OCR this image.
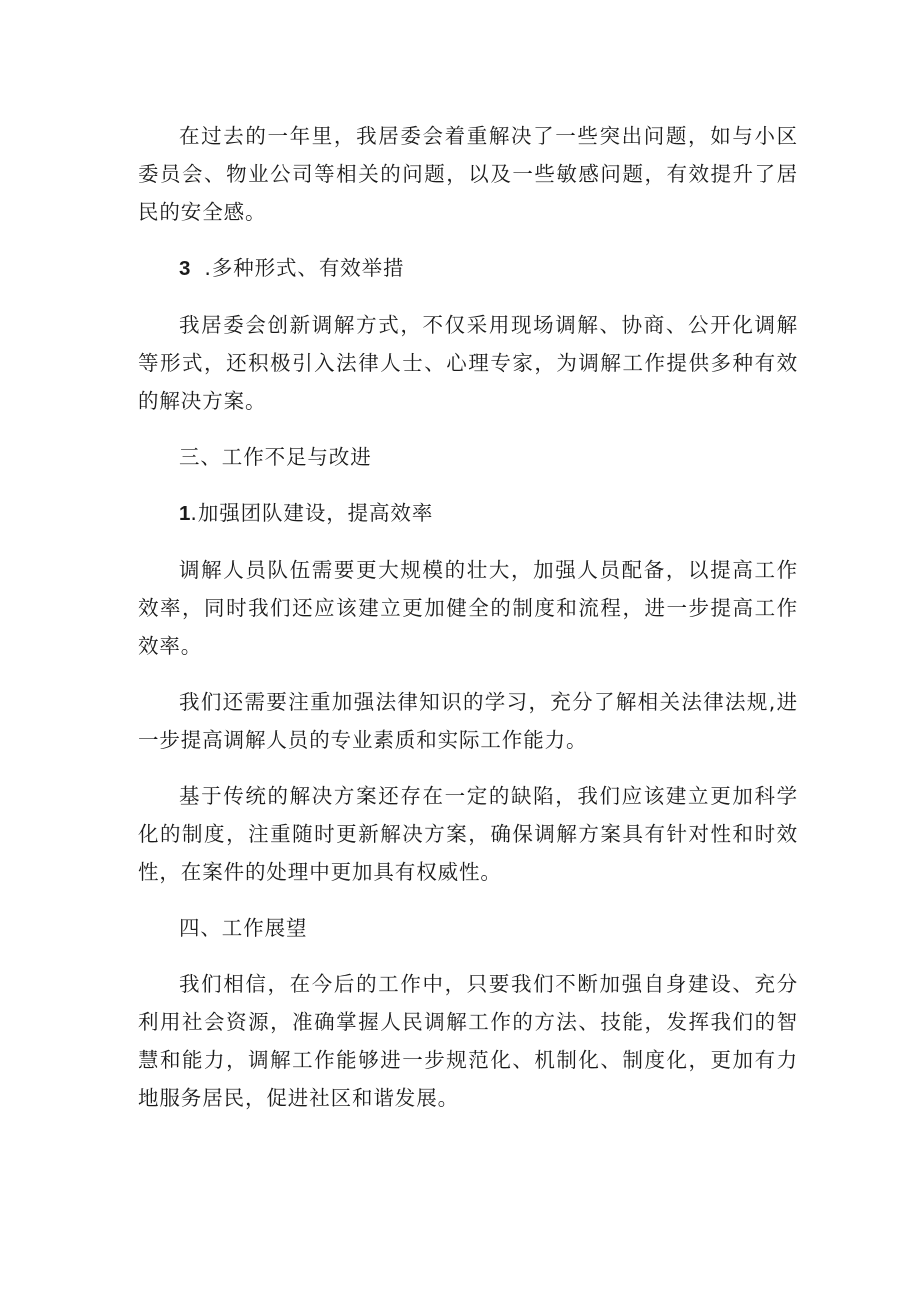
在过去的一年里，我居委会着重解决了一些突出问题，如与小区委员会、物业公司等相关的问题，以及一些敏感问题，有效提升了居民的安全感。

3 .多种形式、有效举措

我居委会创新调解方式，不仅采用现场调解、协商、公开化调解等形式，还积极引入法律人士、心理专家，为调解工作提供多种有效的解决方案。

三、工作不足与改进

1.加强团队建设，提高效率

调解人员队伍需要更大规模的壮大，加强人员配备，以提高工作效率，同时我们还应该建立更加健全的制度和流程，进一步提高工作效率。

我们还需要注重加强法律知识的学习，充分了解相关法律法规,进一步提高调解人员的专业素质和实际工作能力。

基于传统的解决方案还存在一定的缺陷，我们应该建立更加科学化的制度，注重随时更新解决方案，确保调解方案具有针对性和时效性，在案件的处理中更加具有权威性。

四、工作展望

我们相信，在今后的工作中，只要我们不断加强自身建设、充分利用社会资源，准确掌握人民调解工作的方法、技能，发挥我们的智慧和能力，调解工作能够进一步规范化、机制化、制度化，更加有力地服务居民，促进社区和谐发展。
